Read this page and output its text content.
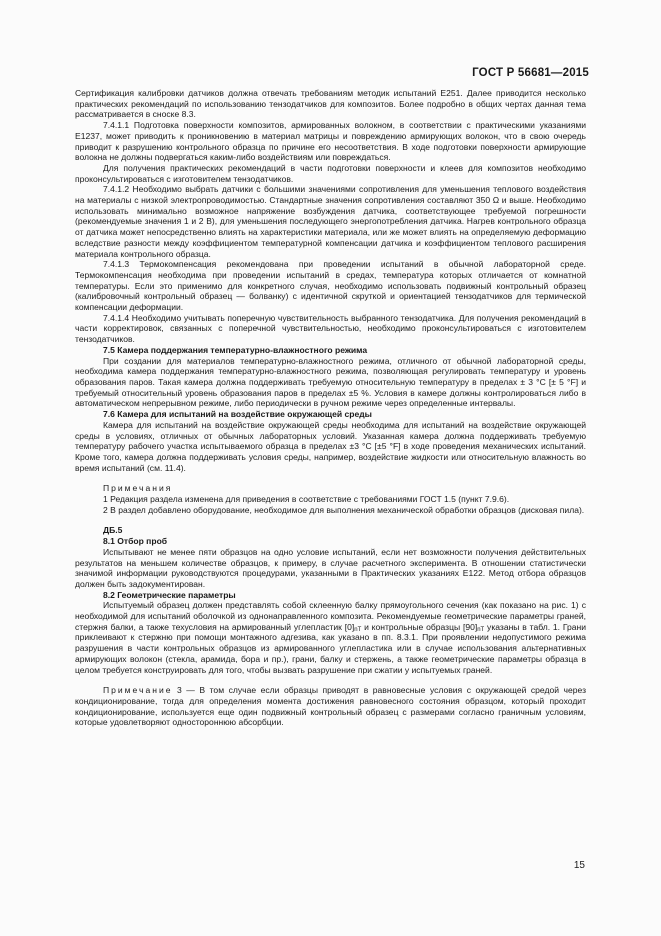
ГОСТ Р 56681—2015

Сертификация калибровки датчиков должна отвечать требованиям методик испытаний Е251. Далее приводится несколько практических рекомендаций по использованию тензодатчиков для композитов. Более подробно в общих чертах данная тема рассматривается в сноске 8.3.

7.4.1.1 Подготовка поверхности композитов, армированных волокном, в соответствии с практическими указаниями Е1237, может приводить к проникновению в материал матрицы и повреждению армирующих волокон, что в свою очередь приводит к разрушению контрольного образца по причине его несоответствия. В ходе подготовки поверхности армирующие волокна не должны подвергаться каким-либо воздействиям или повреждаться.

Для получения практических рекомендаций в части подготовки поверхности и клеев для композитов необходимо проконсультироваться с изготовителем тензодатчиков.

7.4.1.2 Необходимо выбрать датчики с большими значениями сопротивления для уменьшения теплового воздействия на материалы с низкой электропроводимостью. Стандартные значения сопротивления составляют 350 Ω и выше. Необходимо использовать минимально возможное напряжение возбуждения датчика, соответствующее требуемой погрешности (рекомендуемые значения 1 и 2 В), для уменьшения последующего энергопотребления датчика. Нагрев контрольного образца от датчика может непосредственно влиять на характеристики материала, или же может влиять на определяемую деформацию вследствие разности между коэффициентом температурной компенсации датчика и коэффициентом теплового расширения материала контрольного образца.

7.4.1.3 Термокомпенсация рекомендована при проведении испытаний в обычной лабораторной среде. Термокомпенсация необходима при проведении испытаний в средах, температура которых отличается от комнатной температуры. Если это применимо для конкретного случая, необходимо использовать подвижный контрольный образец (калибровочный контрольный образец — болванку) с идентичной скруткой и ориентацией тензодатчиков для термической компенсации деформации.

7.4.1.4 Необходимо учитывать поперечную чувствительность выбранного тензодатчика. Для получения рекомендаций в части корректировок, связанных с поперечной чувствительностью, необходимо проконсультироваться с изготовителем тензодатчиков.

7.5 Камера поддержания температурно-влажностного режима

При создании для материалов температурно-влажностного режима, отличного от обычной лабораторной среды, необходима камера поддержания температурно-влажностного режима, позволяющая регулировать температуру и уровень образования паров. Такая камера должна поддерживать требуемую относительную температуру в пределах ± 3 °С [± 5 °F] и требуемый относительный уровень образования паров в пределах ±5 %. Условия в камере должны контролироваться либо в автоматическом непрерывном режиме, либо периодически в ручном режиме через определенные интервалы.

7.6 Камера для испытаний на воздействие окружающей среды

Камера для испытаний на воздействие окружающей среды необходима для испытаний на воздействие окружающей среды в условиях, отличных от обычных лабораторных условий. Указанная камера должна поддерживать требуемую температуру рабочего участка испытываемого образца в пределах ±3 °С [±5 °F] в ходе проведения механических испытаний. Кроме того, камера должна поддерживать условия среды, например, воздействие жидкости или относительную влажность во время испытаний (см. 11.4).

Примечания

1 Редакция раздела изменена для приведения в соответствие с требованиями ГОСТ 1.5 (пункт 7.9.6).

2 В раздел добавлено оборудование, необходимое для выполнения механической обработки образцов (дисковая пила).

ДБ.5

8.1 Отбор проб

Испытывают не менее пяти образцов на одно условие испытаний, если нет возможности получения действительных результатов на меньшем количестве образцов, к примеру, в случае расчетного эксперимента. В отношении статистически значимой информации руководствуются процедурами, указанными в Практических указаниях Е122. Метод отбора образцов должен быть задокументирован.

8.2 Геометрические параметры

Испытуемый образец должен представлять собой склеенную балку прямоугольного сечения (как показано на рис. 1) с необходимой для испытаний оболочкой из однонаправленного композита. Рекомендуемые геометрические параметры граней, стержня балки, а также техусловия на армированный углепластик $[0]_{nT}$ и контрольные образцы $[90]_{nT}$ указаны в табл. 1. Грани приклеивают к стержню при помощи монтажного адгезива, как указано в пп. 8.3.1. При проявлении недопустимого режима разрушения в части контрольных образцов из армированного углепластика или в случае использования альтернативных армирующих волокон (стекла, арамида, бора и пр.), грани, балку и стержень, а также геометрические параметры образца в целом требуется конструировать для того, чтобы вызвать разрушение при сжатии у испытуемых граней.

Примечание 3 — В том случае если образцы приводят в равновесные условия с окружающей средой через кондиционирование, тогда для определения момента достижения равновесного состояния образцом, который проходит кондиционирование, используется еще один подвижный контрольный образец с размерами согласно граничным условиям, которые удовлетворяют одностороннюю абсорбции.

15
